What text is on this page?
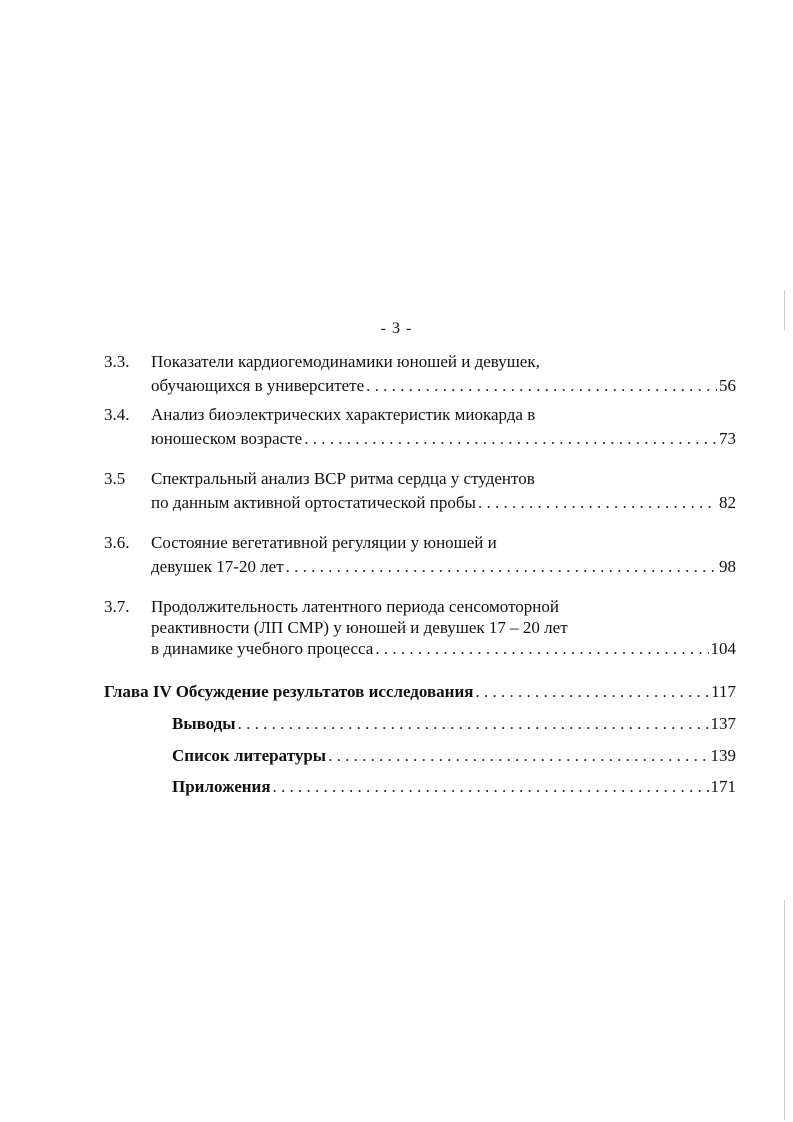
- 3 -
3.3. Показатели кардиогемодинамики юношей и девушек,
обучающихся в университете . . .	56
3.4. Анализ биоэлектрических характеристик миокарда в
юношеском возрасте . . .	73
3.5 Спектральный анализ ВСР ритма сердца у студентов
по данным активной ортостатической пробы . . .	82
3.6. Состояние вегетативной регуляции у юношей и
девушек 17-20 лет . . .	98
3.7. Продолжительность латентного периода сенсомоторной
реактивности (ЛП СМР) у юношей и девушек 17 – 20 лет
в динамике учебного процесса . . .	104
Глава IV Обсуждение результатов исследования . . .	117
Выводы . . .	137
Список литературы . . .	139
Приложения . . .	171
